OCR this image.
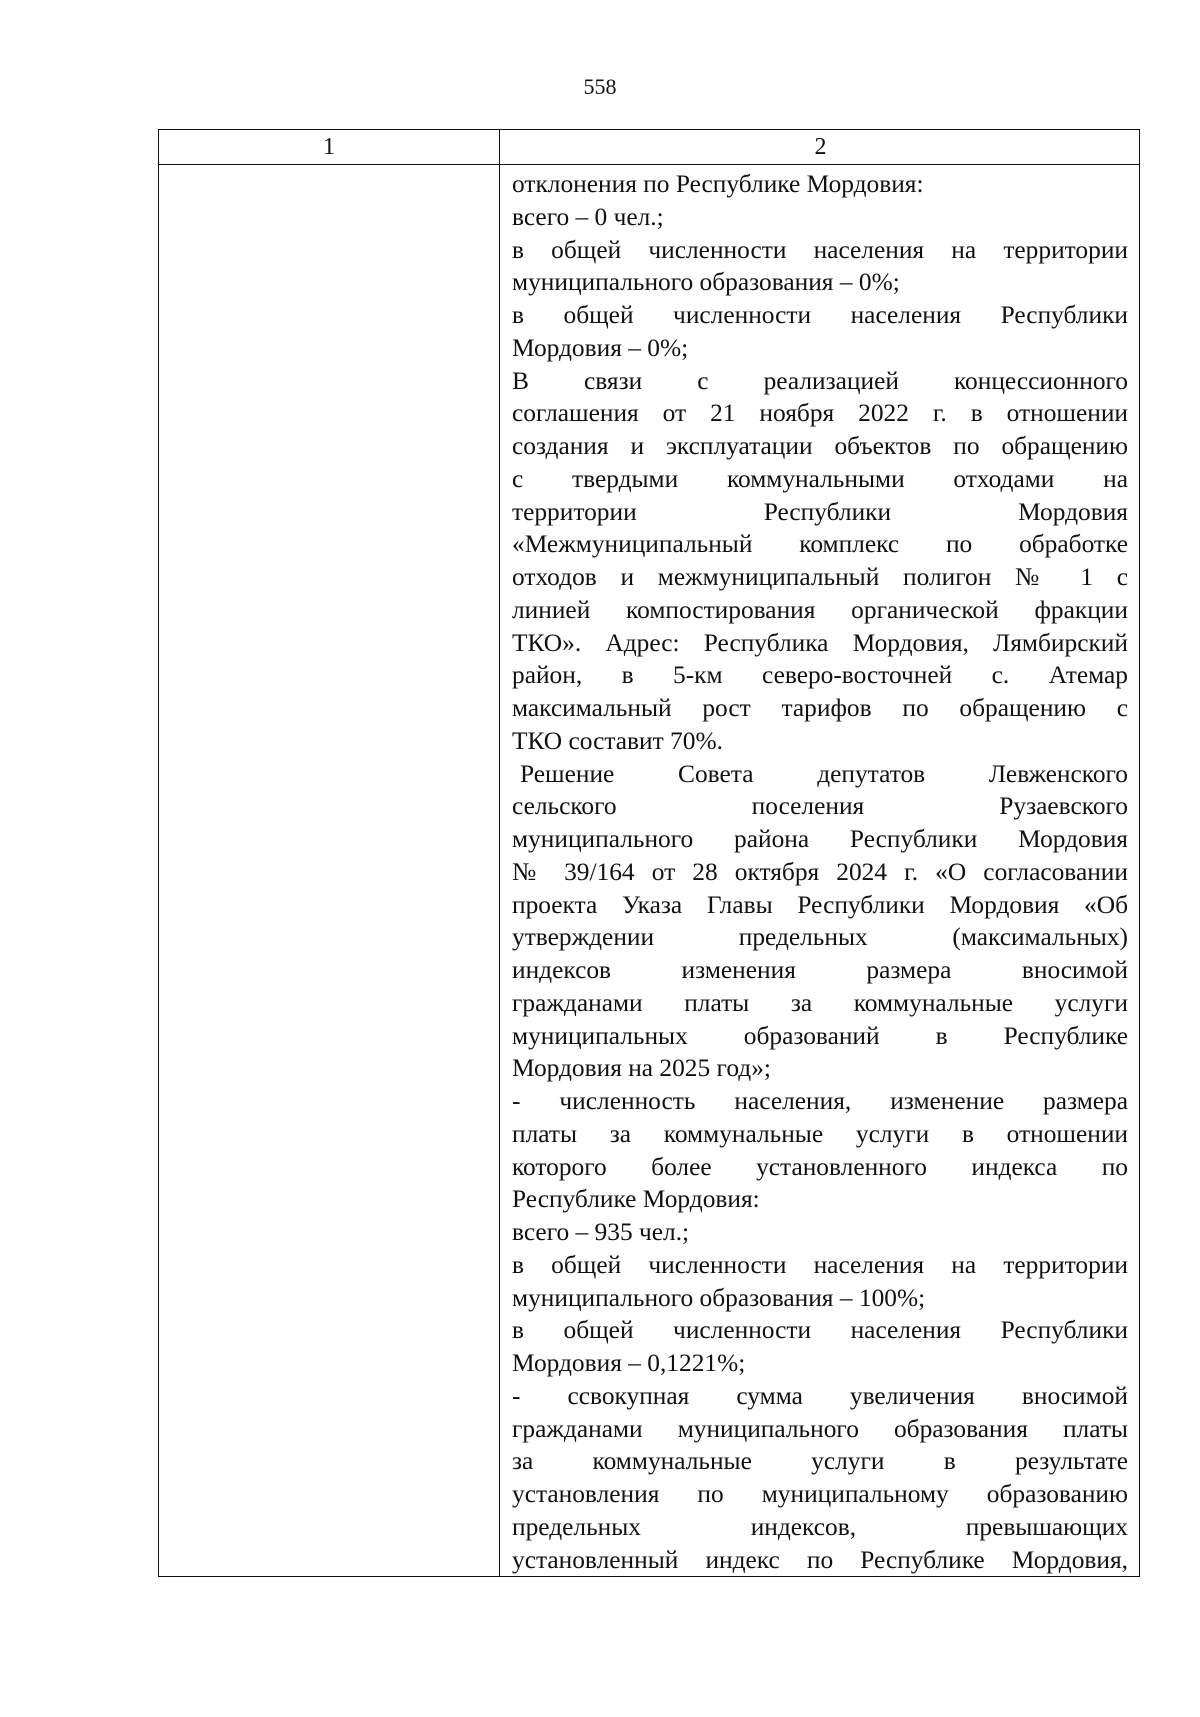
558
1	2
отклонения по Республике Мордовия:
всего – 0 чел.;
в общей численности населения на территории
муниципального образования – 0%;
в общей численности населения Республики
Мордовия – 0%;
В связи с реализацией концессионного
соглашения от 21 ноября 2022 г. в отношении
создания и эксплуатации объектов по обращению
с твердыми коммунальными отходами на
территории Республики Мордовия
«Межмуниципальный комплекс по обработке
отходов и межмуниципальный полигон № 1 с
линией компостирования органической фракции
ТКО». Адрес: Республика Мордовия, Лямбирский
район, в 5-км северо-восточней с. Атемар
максимальный рост тарифов по обращению с
ТКО составит 70%.
Решение Совета депутатов Левженского
сельского поселения Рузаевского
муниципального района Республики Мордовия
№ 39/164 от 28 октября 2024 г. «О согласовании
проекта Указа Главы Республики Мордовия «Об
утверждении предельных (максимальных)
индексов изменения размера вносимой
гражданами платы за коммунальные услуги
муниципальных образований в Республике
Мордовия на 2025 год»;
- численность населения, изменение размера
платы за коммунальные услуги в отношении
которого более установленного индекса по
Республике Мордовия:
всего – 935 чел.;
в общей численности населения на территории
муниципального образования – 100%;
в общей численности населения Республики
Мордовия – 0,1221%;
- ссвокупная сумма увеличения вносимой
гражданами муниципального образования платы
за коммунальные услуги в результате
установления по муниципальному образованию
предельных индексов, превышающих
установленный индекс по Республике Мордовия,
